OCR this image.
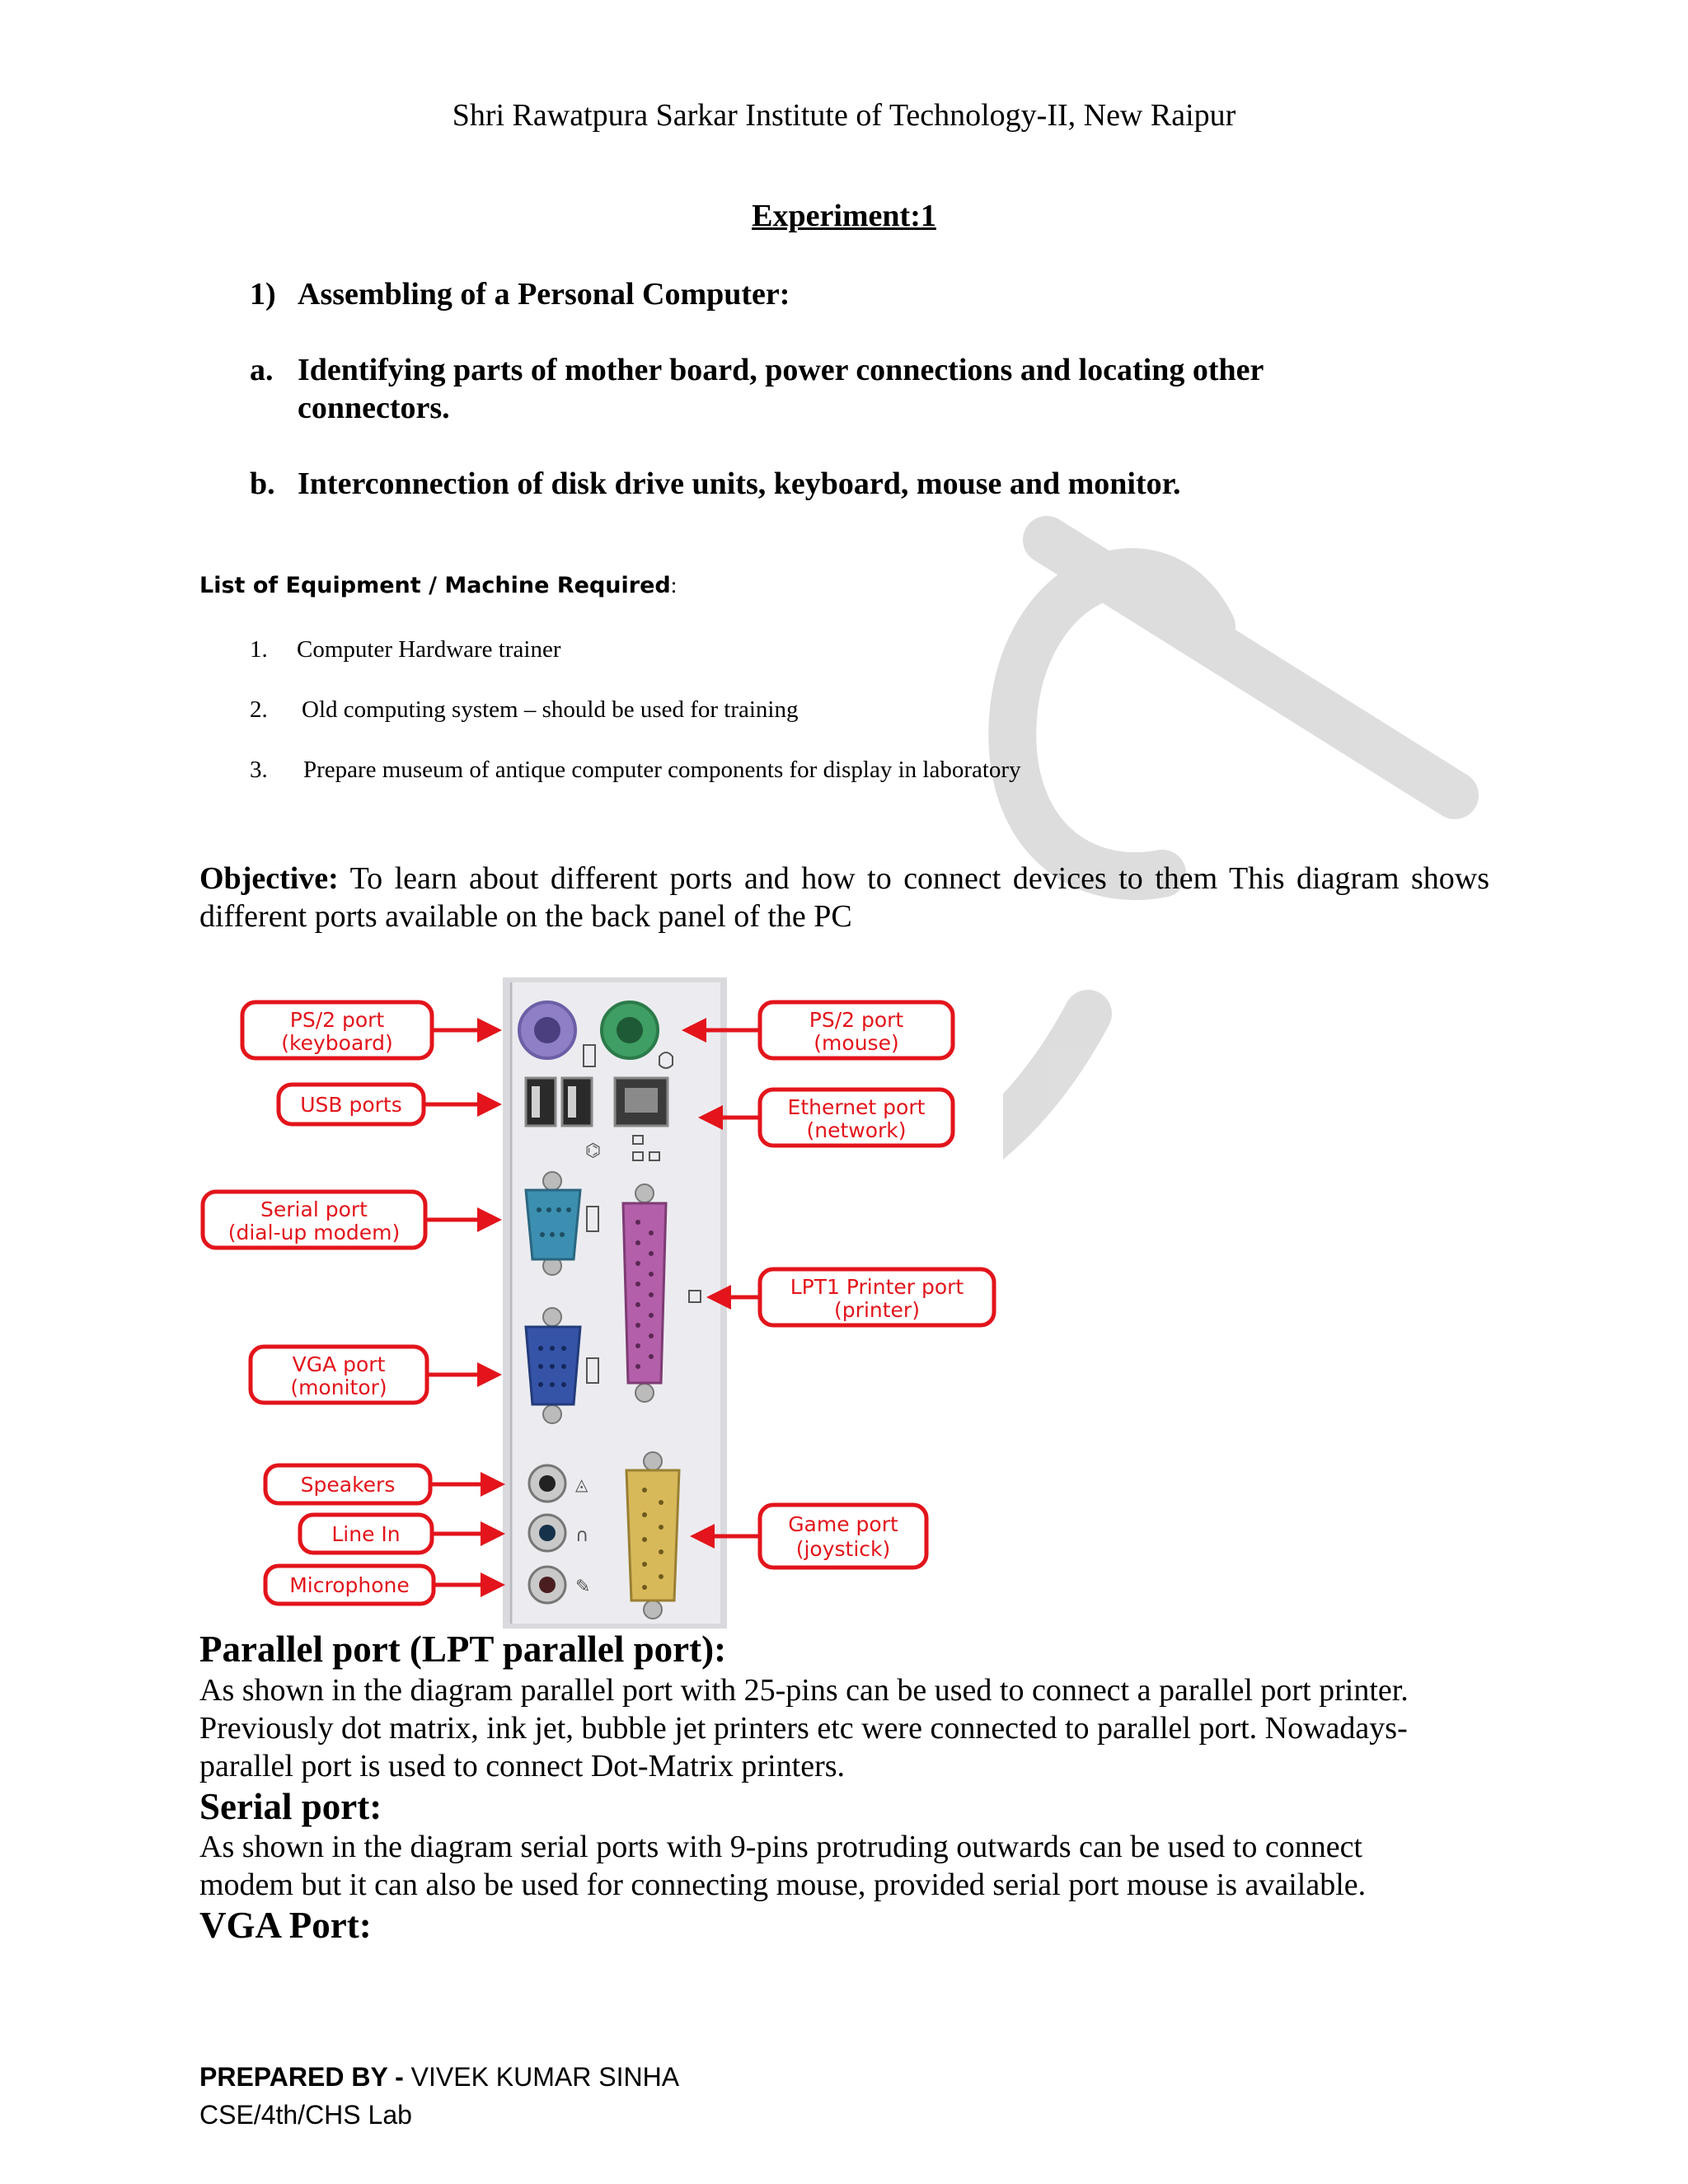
Shri Rawatpura Sarkar Institute of Technology-II, New Raipur
Experiment:1
1) Assembling of a Personal Computer:
a. Identifying parts of mother board, power connections and locating other
connectors.
b. Interconnection of disk drive units, keyboard, mouse and monitor.
List of Equipment / Machine Required:
1. Computer Hardware trainer
2. Old computing system – should be used for training
3. Prepare museum of antique computer components for display in laboratory
Objective: To learn about different ports and how to connect devices to them This diagram shows different ports available on the back panel of the PC
⌬
◬
∩
✎
PS/2 port
(keyboard)
USB ports
Serial port
(dial-up modem)
VGA port
(monitor)
Speakers
Line In
Microphone
PS/2 port
(mouse)
Ethernet port
(network)
LPT1 Printer port
(printer)
Game port
(joystick)
Parallel port (LPT parallel port):
As shown in the diagram parallel port with 25-pins can be used to connect a parallel port printer.
Previously dot matrix, ink jet, bubble jet printers etc were connected to parallel port. Nowadays-
parallel port is used to connect Dot-Matrix printers.
Serial port:
As shown in the diagram serial ports with 9-pins protruding outwards can be used to connect
modem but it can also be used for connecting mouse, provided serial port mouse is available.
VGA Port:
PREPARED BY - VIVEK KUMAR SINHA
CSE/4th/CHS Lab
